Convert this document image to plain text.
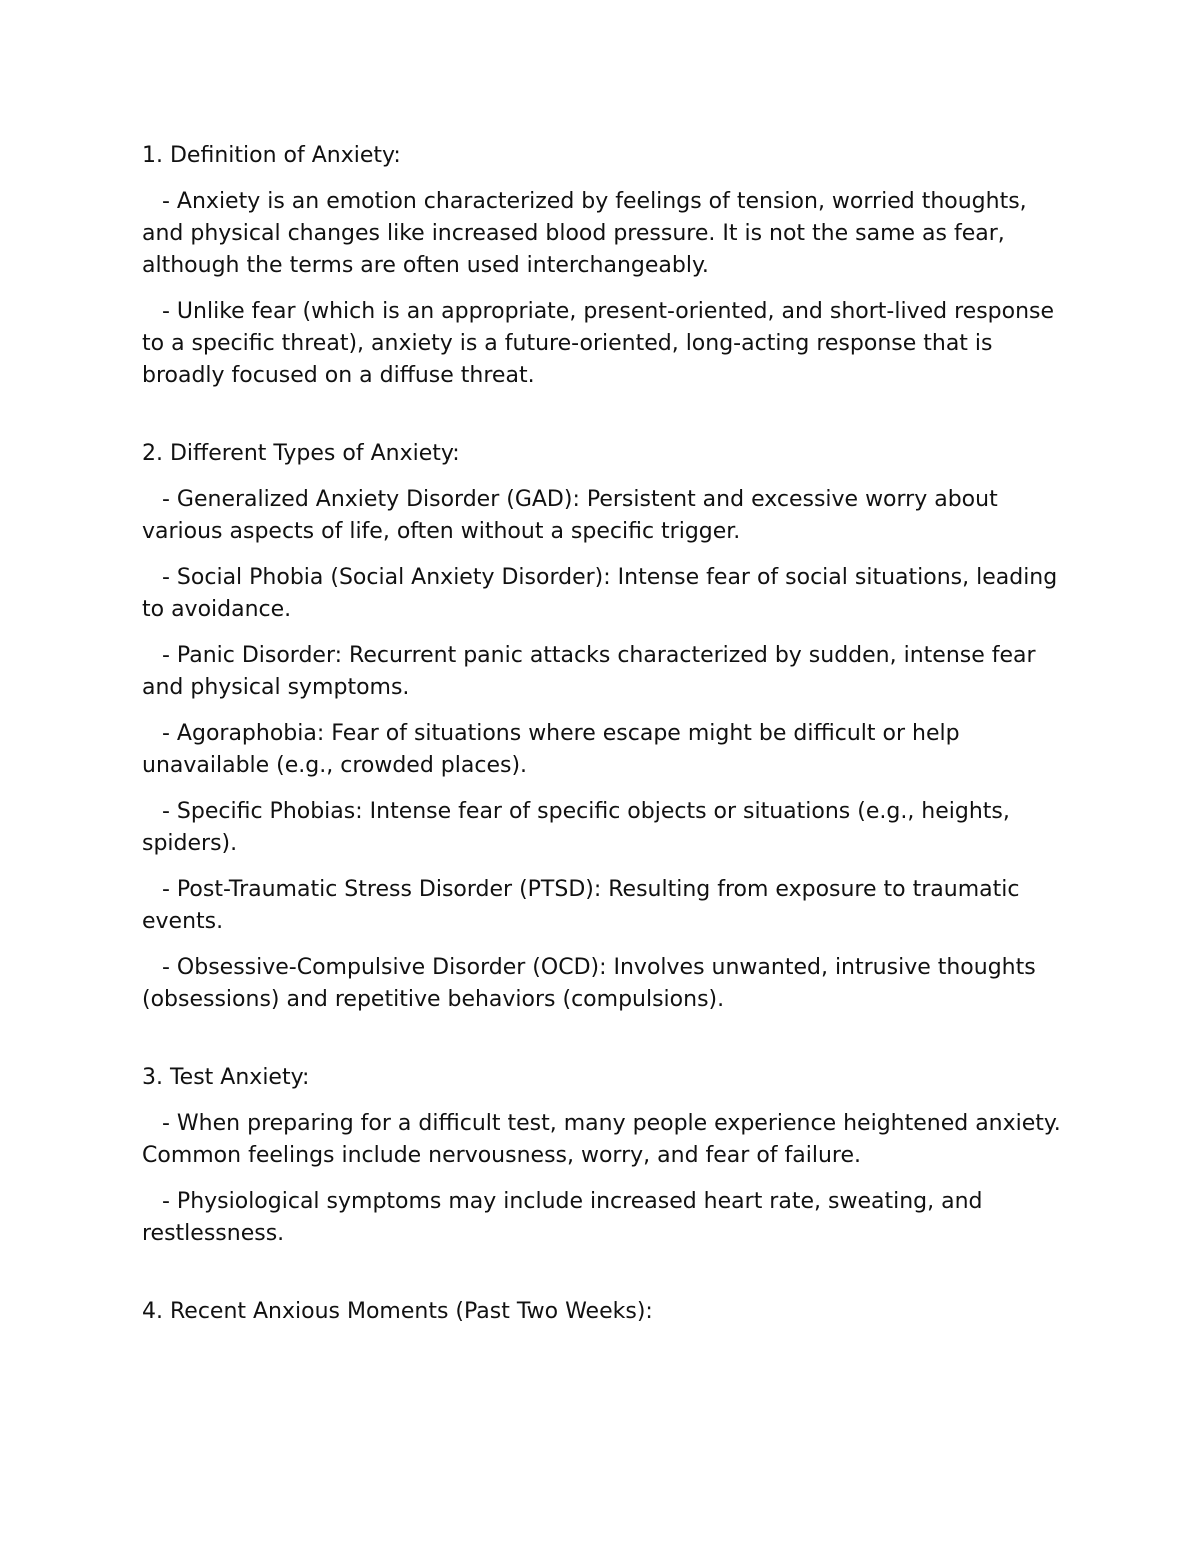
1. Definition of Anxiety:

- Anxiety is an emotion characterized by feelings of tension, worried thoughts, and physical changes like increased blood pressure. It is not the same as fear, although the terms are often used interchangeably.

- Unlike fear (which is an appropriate, present-oriented, and short-lived response to a specific threat), anxiety is a future-oriented, long-acting response that is broadly focused on a diffuse threat.

2. Different Types of Anxiety:

- Generalized Anxiety Disorder (GAD): Persistent and excessive worry about various aspects of life, often without a specific trigger.

- Social Phobia (Social Anxiety Disorder): Intense fear of social situations, leading to avoidance.

- Panic Disorder: Recurrent panic attacks characterized by sudden, intense fear and physical symptoms.

- Agoraphobia: Fear of situations where escape might be difficult or help unavailable (e.g., crowded places).

- Specific Phobias: Intense fear of specific objects or situations (e.g., heights, spiders).

- Post-Traumatic Stress Disorder (PTSD): Resulting from exposure to traumatic events.

- Obsessive-Compulsive Disorder (OCD): Involves unwanted, intrusive thoughts (obsessions) and repetitive behaviors (compulsions).

3. Test Anxiety:

- When preparing for a difficult test, many people experience heightened anxiety. Common feelings include nervousness, worry, and fear of failure.

- Physiological symptoms may include increased heart rate, sweating, and restlessness.

4. Recent Anxious Moments (Past Two Weeks):
